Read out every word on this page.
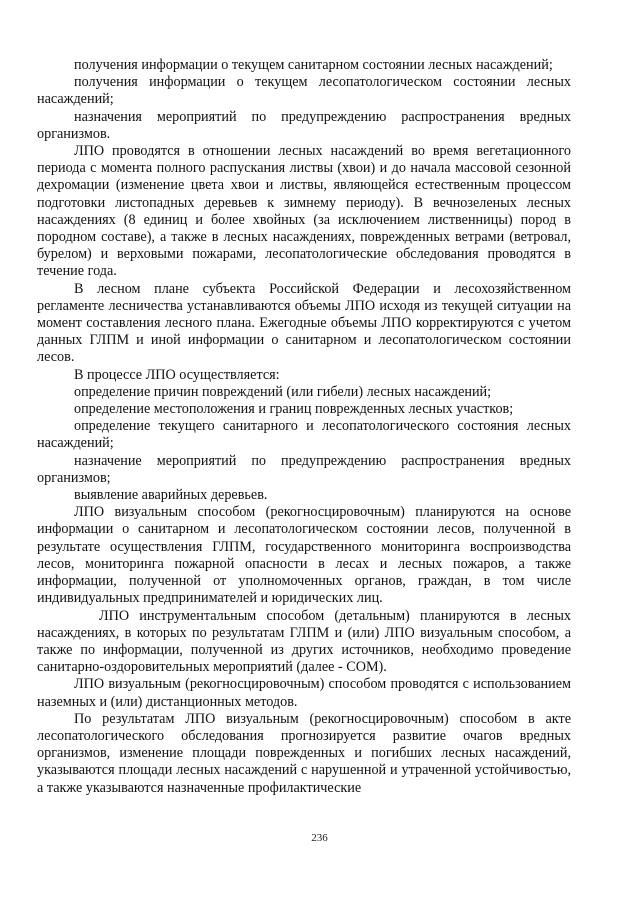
получения информации о текущем санитарном состоянии лесных насаждений;

получения информации о текущем лесопатологическом состоянии лесных насаждений;

назначения мероприятий по предупреждению распространения вредных организмов.

ЛПО проводятся в отношении лесных насаждений во время вегетационного периода с момента полного распускания листвы (хвои) и до начала массовой сезонной дехромации (изменение цвета хвои и листвы, являющейся естественным процессом подготовки листопадных деревьев к зимнему периоду). В вечнозеленых лесных насаждениях (8 единиц и более хвойных (за исключением лиственницы) пород в породном составе), а также в лесных насаждениях, поврежденных ветрами (ветровал, бурелом) и верховыми пожарами, лесопатологические обследования проводятся в течение года.

В лесном плане субъекта Российской Федерации и лесохозяйственном регламенте лесничества устанавливаются объемы ЛПО исходя из текущей ситуации на момент составления лесного плана. Ежегодные объемы ЛПО корректируются с учетом данных ГЛПМ и иной информации о санитарном и лесопатологическом состоянии лесов.

В процессе ЛПО осуществляется:

определение причин повреждений (или гибели) лесных насаждений;

определение местоположения и границ поврежденных лесных участков;

определение текущего санитарного и лесопатологического состояния лесных насаждений;

назначение мероприятий по предупреждению распространения вредных организмов;

выявление аварийных деревьев.

ЛПО визуальным способом (рекогносцировочным) планируются на основе информации о санитарном и лесопатологическом состоянии лесов, полученной в результате осуществления ГЛПМ, государственного мониторинга воспроизводства лесов, мониторинга пожарной опасности в лесах и лесных пожаров, а также информации, полученной от уполномоченных органов, граждан, в том числе индивидуальных предпринимателей и юридических лиц.

ЛПО инструментальным способом (детальным) планируются в лесных насаждениях, в которых по результатам ГЛПМ и (или) ЛПО визуальным способом, а также по информации, полученной из других источников, необходимо проведение санитарно-оздоровительных мероприятий (далее - СОМ).

ЛПО визуальным (рекогносцировочным) способом проводятся с использованием наземных и (или) дистанционных методов.

По результатам ЛПО визуальным (рекогносцировочным) способом в акте лесопатологического обследования прогнозируется развитие очагов вредных организмов, изменение площади поврежденных и погибших лесных насаждений, указываются площади лесных насаждений с нарушенной и утраченной устойчивостью, а также указываются назначенные профилактические

236
